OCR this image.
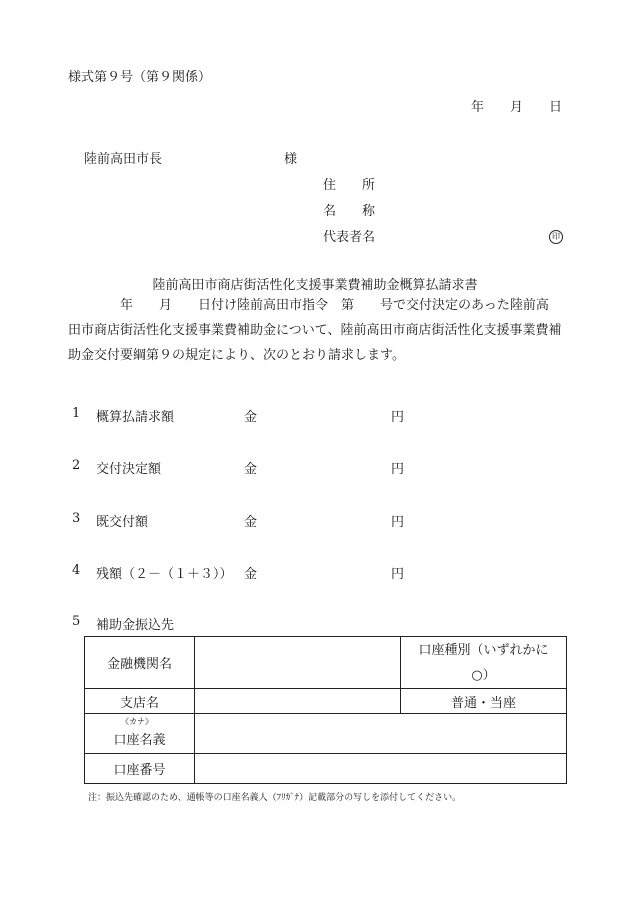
様式第９号（第９関係）
年 月 日
陸前高田市長	様
住　　所
名　　称
代表者名	印
陸前高田市商店街活性化支援事業費補助金概算払請求書
　　　　年　　月　　日付け陸前高田市指令　第　　号で交付決定のあった陸前高
田市商店街活性化支援事業費補助金について、陸前高田市商店街活性化支援事業費補
助金交付要綱第９の規定により、次のとおり請求します。
1 概算払請求額	金	円
2 交付決定額	金	円
3 既交付額	金	円
4 残額（２－（１＋３）） 金	円
5 補助金振込先
金融機関名		口座種別（いずれかに
○）

支店名		普通・当座

《カナ》
口座名義		

口座番号		
注：振込先確認のため、通帳等の口座名義人（ﾌﾘｶﾞﾅ）記載部分の写しを添付してください。
